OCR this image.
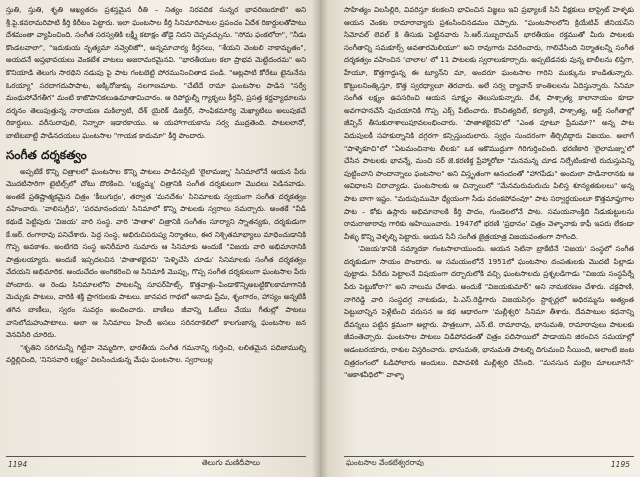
స్తుతి, స్తుతి, శృతి ఆఖ్యతరం ప్రశస్తమైన రీతి – నిత్యం నిరవదిక సున్నర భావరిణురూటి" అని శ్రీ.పై.కవరామరిపాటి కీర్తి కిరీటం పెట్టారు. ఇలా ఘంటసాల కీర్తి సినిమారిపాటల ప్రపంచం ఏదేశ రికార్డులతోపాటు దేశమంతా వ్యాపించింది. సంగీత సరస్వతికి లక్ష్మీ కటాక్షం తోడై నిదని చెప్పవచ్చును. "సోమ ఫంకలోరా", "నీడు కొండలవాలా", "ఇదుకుయ నృత్యమా నవ్వెలిజో", అన్నమాచార్య కీర్తనలు, "శేయని వెంటలి నాకామృతం", అయదనే అప్తభావయలు వెంకటేశ వాటలు అజరామరమైనవి. "భారతీయుల కలా ప్రాభవ మెట్టిదంరమ" అని కొనియాడి తెలుగు సారథిని నడుపు పై పాట గంటబెట్టి పోరమునించితాడ పండి. "ఆట్లపాటి కోరేటు టైనునేను ఓరయ్యా" సరదాగదుపాపాట, అక్కిరోజుక్కు నలగాణమాట. "చేటేదే రామా ఘంటసాల పాడిన "సర్వే మంధుసోవేగతీగ" మంటి కాజొపానికలుఉమాతామిచారం. ఆ రిపోర్జుల్నీ గ్యాకృలు కీర్తనీ, ప్రసత్త కర్ణవ్యాధూలను దర్శనం తెలుపుత్తున్న నారాయణ మకిల్వాటి, దేశ్ యైరిక్ డిజర్తీర్, సాంఫికమార్యి మెఖ్యాటిలు అలుపుకచే రికార్డులు. వరీసురావులి, నిన్నారా ఇడారకాయు. ఆ యహాగాయకాను సర్వ ముద్రతెంది. పాటలలానో, బాటిటబాట్టి పాడినదయలు ఘంటసాల "గాయక కాదుమా" కీర్తి పొందారు.

సంగీత దర్శకత్వం

అప్పటికే కొన్ని చిత్రాలలో ఘంటసాల కొన్ని పాటలు పాడినప్పటి 'లైలామజ్ను' సినిమాలోనే ఆయన పేరు మొదటిసారిగా టైటిల్స్‌లో చోటు దొరకించి. 'లక్ష్యమ్మ' చిత్రానికి సంగీత దర్శకులుగా మొదలు పెడినవాడు. అంతకే ప్రతిష్టాత్మకమైన చిత్రం 'కీలుగుర్రం', తర్వాత 'మనదేశం' సినిమాలకు స్వయంగా సంగీత దర్శకత్వం వహించారు. 'వాలిసుగ్రీవ', 'పరమానందయ' సినిమాలో కొన్ని పాటలకు స్వరాలు సమర్చారు. అంతకే "వీడి కథుడే పెట్టిపురు 'విజయ' వారి సంస్థ. వారి 'పాతాళ' చిత్రానికి సంగీతం సూర్యాని స్నాతన్యకు, దర్శకుడుగా కే.ఆర్‌. రంగారావు పనిచేశారు. పెద్ద సంస్థ, అభిరుచిపరుష్య నిర్మాతలు, ఈర నిశ్చితమాభ్యాలు మాధించుడానికి గొప్ప అవకాశం. అంటిగది సంస్థ అనిరీమారి సుమారు ఆ సినిమాకు అందుకే "విజయ వారి అభిమానానికి పాత్రులయ్యారు. అందుకే ఇప్పదలచిన 'పాతాళభైరవి' 'పెళ్ళిచేసి చూడు' సినిమాలకు సంగీత దర్శకత్వం వేదయని అభిమారిక. అందుచేదం అంగికరించి ఆ సినిమాకి మొప్పు, గొప్ప సంగీత దర్శకులుగా ఘంటసాల పేరు పోందారు. ఆ రెండు సినిమాలలోని పాటలన్నీ సూపర్‌హిట్స్. కొత్తవాళ్లు–పిండాకొన్నిఅబట్టికొలకామాగానికి మెచ్చుకు పాటలు, వారికి శక్తి ప్రాగరులకు పాటలు. జానపద గాథలో ఆనాడు ప్రేమ, శృంగారం, హాస్యం అన్నటికీ తగిన బాణీలు, స్వరం సువర్గం అందించారు. బాణీలు జీవాన్ని ఓటేలు వేయు గీతుల్లో పాటలు వాసెలోచుహుపాటాలు. అలా ఆ సినిమాలు హిందీ అసలు సరినరాకెలిలో కాలగుజాన్న ఘంటసాల జన వెనవిసిరి చూరిరు.

"శృతిని సరిగమన్నీ గిట్టినా నెమ్మదిగా, భారతీయ సంగీత గమనాన్ని గుర్తించి, లలితమైన పదిజాముల్ని వర్ణిల్లిచింది, 'నినిసవారి లక్ష్యం' విలసించుకున్న మేఘ ఘంటసాల. స్వరాలుల్ల

1194	తెలుగు మణిదీపాలు

సాహిత్యం విలసిల్లిరి, వివరిస్తూ కలకలని భావించిన విజ్ఞలు ఇవి ప్రభ్యాలకే సినీ వీక్షకులు టాప్రైట్ హెళ్ళకు ఆయన వెంకట రామారావ్యారు ప్రశంసించినడమం చెప్పారు. "ఘంటసాలలోని క్రియేటివ్ జీనియస్‌ని సిమోవల్ లెవల్ కి తీసుకు పెట్టినవారు సి.ఆర్.సుబ్బరామన్ భారతీయం రక్తముతో మీరు పాటలకు సంగీతాన్ని సమకూర్స్ అవతారమెలియూ" అని రావుగారు వివరించారు, గాలివేసింది నిర్మాతలన్నీ సంగీత దర్శకత్వం వహించిన 'చాలాల' లో 11 పాటలకు స్వరాలుకూర్చారు. అప్పటిడనకు వున్న టాలీలను లిప్తిగా, హేయూ, కొత్తగాద్దున్న ఈ ట్యూన్‌ని మా, అందరూ ఘంటసాల గారిని ముక్కును కాండితున్నారు. కొట్టులనింత్కిస్తూ, కొత్త స్వరధ్యాలూ తెరచారు. అలే సర్వ ద్యావాన్ కాంతిలలను ఏదిస్తున్నారు. సినిమా సంగీత లక్ష్యం ఉపసరించి ఆయన సూక్ష్మం తెలుసుకున్నారు. దేశ, పాశ్చాత్య కాలానాయం కూడా అవగాహనచేసే పుచయానికి గొప్ప ఎక్స్ పేటించారు. కొంచిత్యదిల్, కల్యాణీ, పాశ్చాత్య, ఆర్ట్ సంగీతాల్లో జీవ్పిన్ తీసుకురాశాలుపూవలంభించారు. 'పాతాళభైరవి'లో "ఎంత పూటూ ప్రేమమా?" అన్న పాట విదుపులకీ సహకుర్నానికి దగ్గరగా కన్సిస్తుందులారు. స్వర్గం సుందరంగా తీర్చిదిద్దారు విజయం. అలాగే "పాళ్ళెకూచి"లో "ఏటమంచినాట లీలకు" ఒక ఆకొముద్దుగా గిరిగుర్తించింది. భరణికారి 'లైలామజ్ను'లో చేసిన పాటలకు భావన్నే, మంచి సర్ జె.కరణిక్త ప్రేహ్మారోటా "మనమన్న చూడ నిల్పేటింకూటి రుదుస్తుపెన్ని పుట్టించాని పొందాన్నాలు ఫంటసాల" అని విస్తృతంగా ఆనందంతో "హాగపేడు" అందులా పాడినారానకు ఆ ఆవిధాలని చిరాచ్యాడు. ఘంటసాలకు ఆ చిన్నాలులో "మేనమరుమరుచు పిలిస్త శూన్యతకులలు" అన్న పాట బాగా ఇష్టం. "మరుపుముమో ధ్యేయంగా సీడు వరంకపోవంవూ" పాట సర్వార్థయంలూ కొత్తమాఫ్తుగాల పాట – కోకు ఉస్లారు అభిమానాలకి కీర్తి పాదం, గుండెలలోనే పాట. సమయనాంక్తిది నీడుకుట్టులను రామరాజారావు గారికు ఆహియించారు. 1947లో భరణి 'ప్రధానం' చిత్రం వెళ్ళానాకు కాఫీ ఇపరు లేకండా వీళ్ళు కొన్ని వెళ్ళల్ని పెట్టారు. ఆయన సినీ సంగీత జైత్రయాత్ర విజయవంతంగా సాగింది.

'విజయ'కానికి సమ్మాదకా గంటసాలాయుందు. ఆయన సెటినా బ్రాకేటినే 'విజయ' సంస్థలో సంగీత దర్శకుడుగా సాయం పొందారు. ఆ సమయంలోనే 1951లో ఘంటసాల దంపతులకు మొదటి పిల్లాడు పుట్టాడు. పేరేదు పెట్టాలనే విషయంగా దర్బారులోకి వచ్చి ఘంటసాలదు ప్రశ్నలడిగాడు "విజయ సంస్థపేర్నే పేరు పెట్టుకోరా?" అని నాలుమ చేశాడు. అందుకే "విజయకుమార్" అని నామకరణం చేశారు. చక్రపాణి, నాగిరెడ్డి వారి సంస్థదగ్గ నాటకుడు, పి.ఎస్.రెడ్డిగారు విజయసిగ్గం స్టాక్చర్లలో అధిరమ్మను అత్యంత పెట్టుబాన్నిన పెళ్లేటించి వరుసన ఆ కథ ఆధారంగా 'మల్లీశ్వరి' సినిమా తీశారు. దేవపాటుల కధనాన్ని దేవన్నలు పట్టిన క్రమంగా అల్లారు. పాత్రలుగా, ఎన్‌.టి. రామారావు, భానుమతి, రామారావులు పాటలకు జీవంతెచ్చారు. ఘంటసాల పాటలు విడిపోవడంతో చిత్రం పదిసాయిలో పాడాయని జిరంచిన సమయాల్లో ఆడంబరయారు, రాశుల విస్తరించారు. భానుమతి, భానుమతి పాటల్ని దిగుమంచి సీయింది, అలాంటి జంట చిత్రరంగంలో ఓడిపోలారు అందులు. దిపావళికి మల్లీశ్వరి చేసింది. "మనసున మల్లెల మాలలూగెనే" "ఆకాశవీధిలో" వాళ్ళా

ఘంటసాల వేంకటేశ్వరరావు	1195
